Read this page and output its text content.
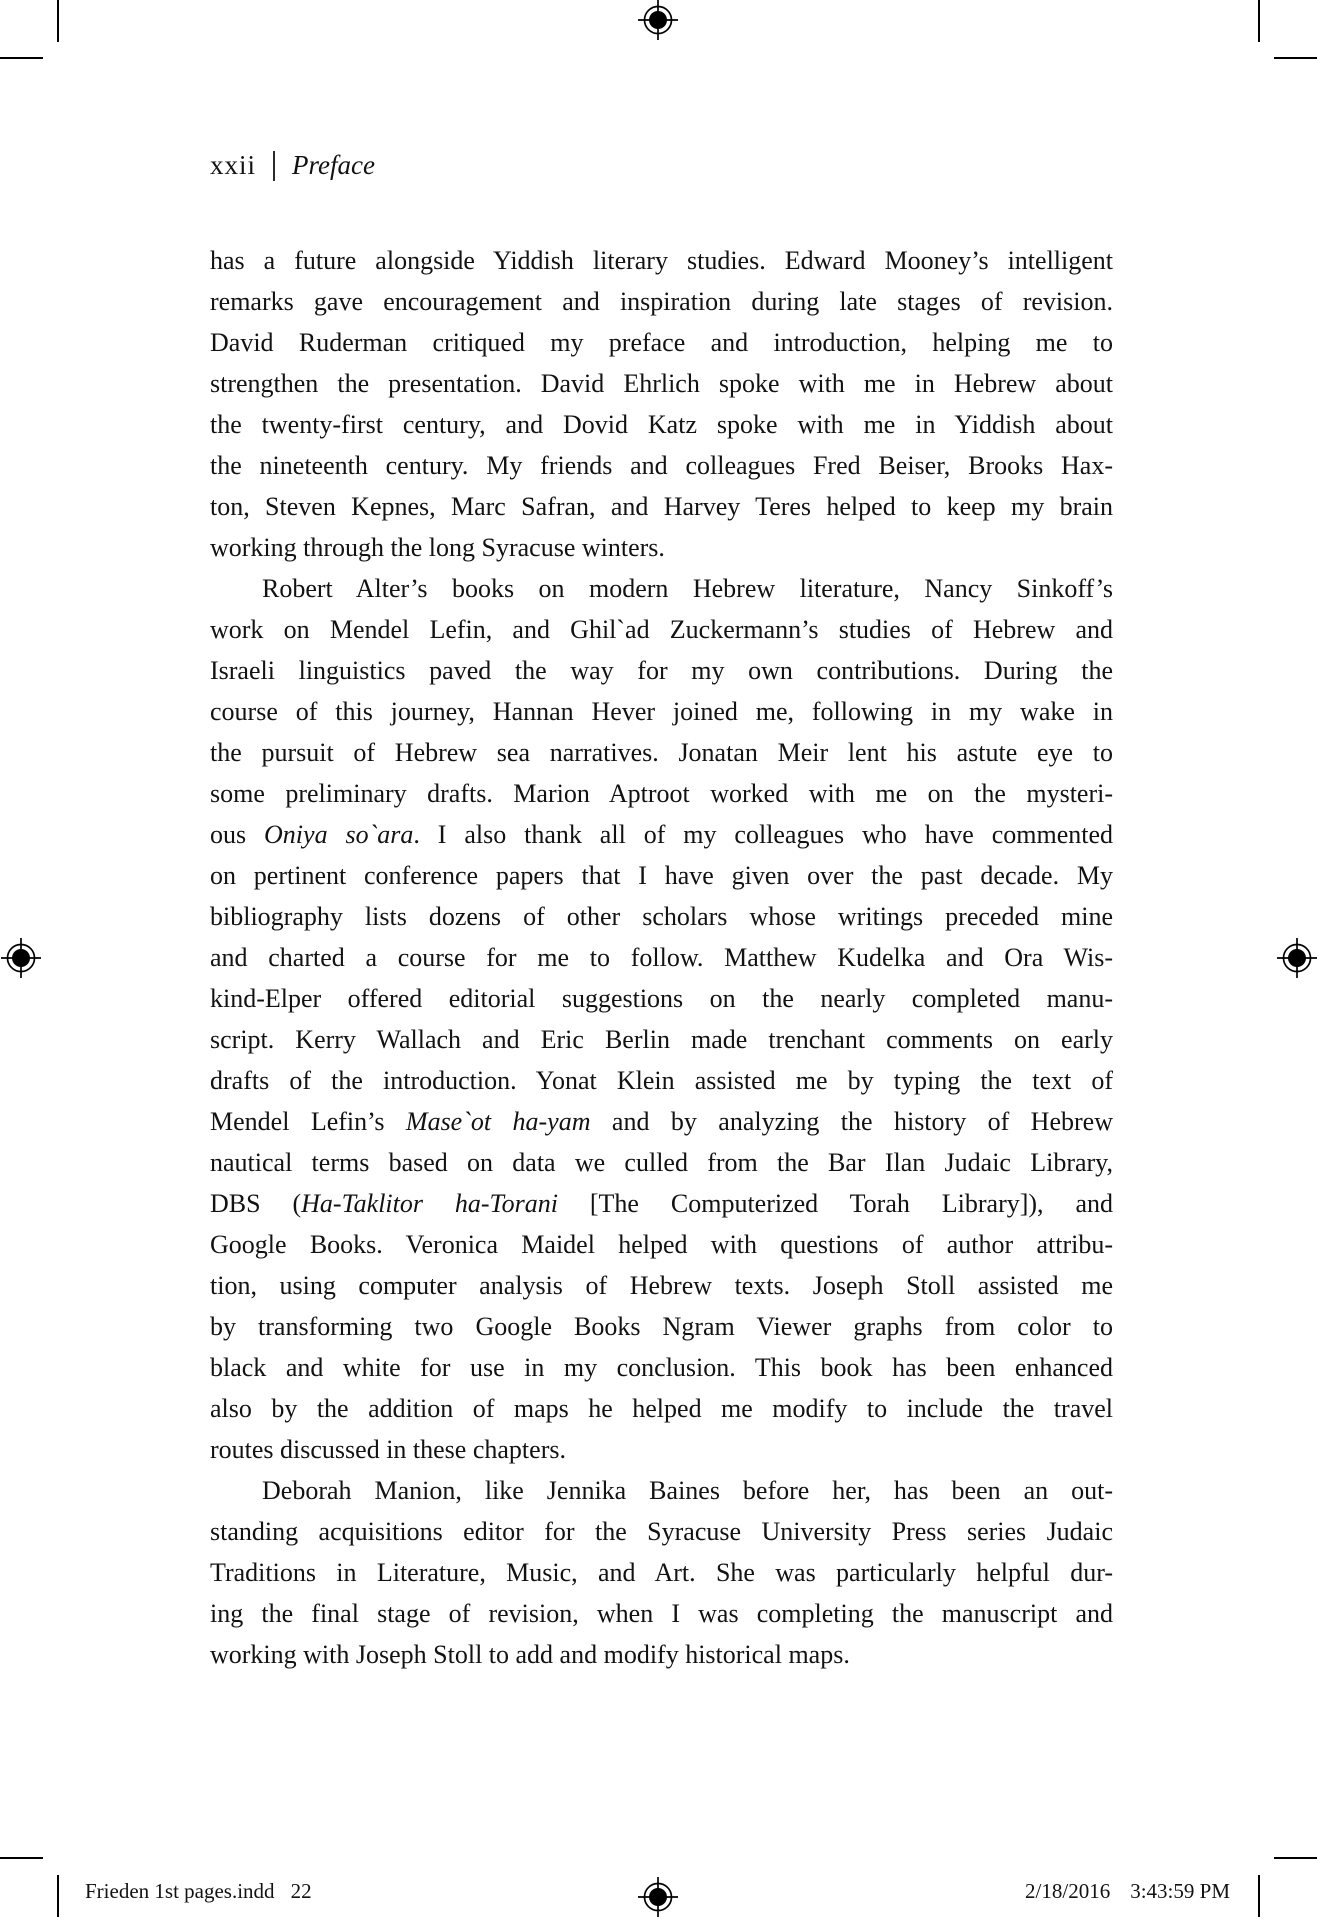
xxii Preface
has a future alongside Yiddish literary studies. Edward Mooney’s intelligent
remarks gave encouragement and inspiration during late stages of revision.
David Ruderman critiqued my preface and introduction, helping me to
strengthen the presentation. David Ehrlich spoke with me in Hebrew about
the twenty-first century, and Dovid Katz spoke with me in Yiddish about
the nineteenth century. My friends and colleagues Fred Beiser, Brooks Hax-
ton, Steven Kepnes, Marc Safran, and Harvey Teres helped to keep my brain
working through the long Syracuse winters.
Robert Alter’s books on modern Hebrew literature, Nancy Sinkoff’s
work on Mendel Lefin, and Ghil`ad Zuckermann’s studies of Hebrew and
Israeli linguistics paved the way for my own contributions. During the
course of this journey, Hannan Hever joined me, following in my wake in
the pursuit of Hebrew sea narratives. Jonatan Meir lent his astute eye to
some preliminary drafts. Marion Aptroot worked with me on the mysteri-
ous Oniya so`ara. I also thank all of my colleagues who have commented
on pertinent conference papers that I have given over the past decade. My
bibliography lists dozens of other scholars whose writings preceded mine
and charted a course for me to follow. Matthew Kudelka and Ora Wis-
kind-Elper offered editorial suggestions on the nearly completed manu-
script. Kerry Wallach and Eric Berlin made trenchant comments on early
drafts of the introduction. Yonat Klein assisted me by typing the text of
Mendel Lefin’s Mase`ot ha-yam and by analyzing the history of Hebrew
nautical terms based on data we culled from the Bar Ilan Judaic Library,
DBS (Ha-Taklitor ha-Torani [The Computerized Torah Library]), and
Google Books. Veronica Maidel helped with questions of author attribu-
tion, using computer analysis of Hebrew texts. Joseph Stoll assisted me
by transforming two Google Books Ngram Viewer graphs from color to
black and white for use in my conclusion. This book has been enhanced
also by the addition of maps he helped me modify to include the travel
routes discussed in these chapters.
Deborah Manion, like Jennika Baines before her, has been an out-
standing acquisitions editor for the Syracuse University Press series Judaic
Traditions in Literature, Music, and Art. She was particularly helpful dur-
ing the final stage of revision, when I was completing the manuscript and
working with Joseph Stoll to add and modify historical maps.
Frieden 1st pages.indd 22	2/18/2016 3:43:59 PM
